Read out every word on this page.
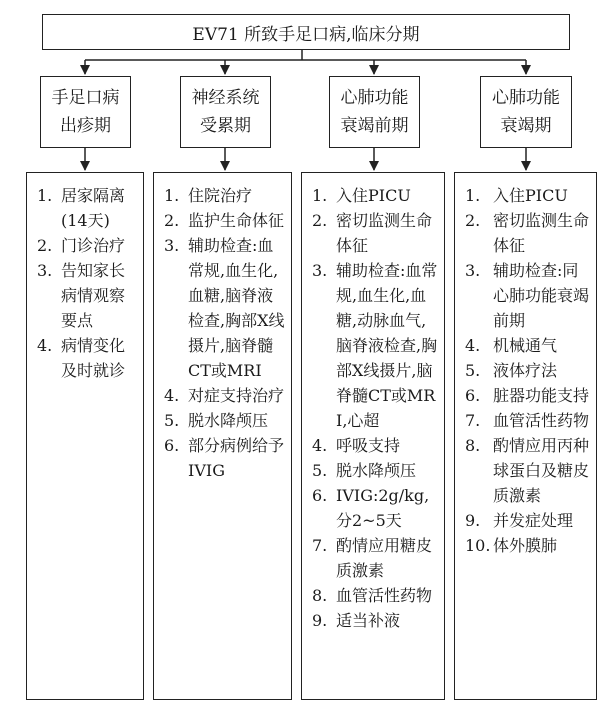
EV71 所致手足口病,临床分期
手足口病
出疹期
神经系统
受累期
心肺功能
衰竭前期
心肺功能
衰竭期
1. 居家隔离(14天)
2. 门诊治疗
3. 告知家长病情观察要点
4. 病情变化及时就诊
1. 住院治疗
2. 监护生命体征
3. 辅助检查:血常规,血生化,血糖,脑脊液检查,胸部X线摄片,脑脊髓CT或MRI
4. 对症支持治疗
5. 脱水降颅压
6. 部分病例给予IVIG
1. 入住PICU
2. 密切监测生命体征
3. 辅助检查:血常规,血生化,血糖,动脉血气,脑脊液检查,胸部X线摄片,脑脊髓CT或MRI,心超
4. 呼吸支持
5. 脱水降颅压
6. IVIG:2g/kg,分2~5天
7. 酌情应用糖皮质激素
8. 血管活性药物
9. 适当补液
1. 入住PICU
2. 密切监测生命体征
3. 辅助检查:同心肺功能衰竭前期
4. 机械通气
5. 液体疗法
6. 脏器功能支持
7. 血管活性药物
8. 酌情应用丙种球蛋白及糖皮质激素
9. 并发症处理
10. 体外膜肺
